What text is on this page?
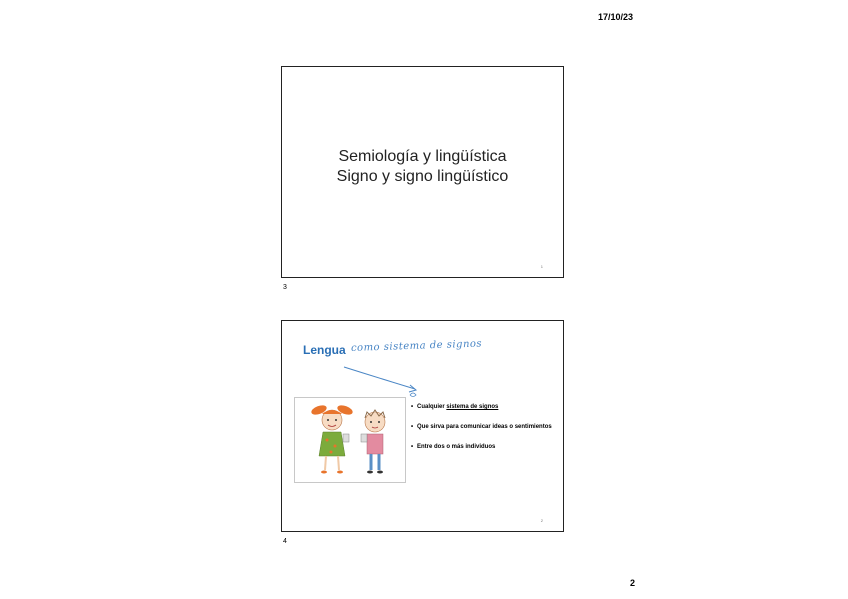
17/10/23
Semiología y lingüística
Signo y signo lingüístico
1
3
Lengua como sistema de signos
• Cualquier sistema de signos
• Que sirva para comunicar ideas o sentimientos
• Entre dos o más individuos
2
4
2
